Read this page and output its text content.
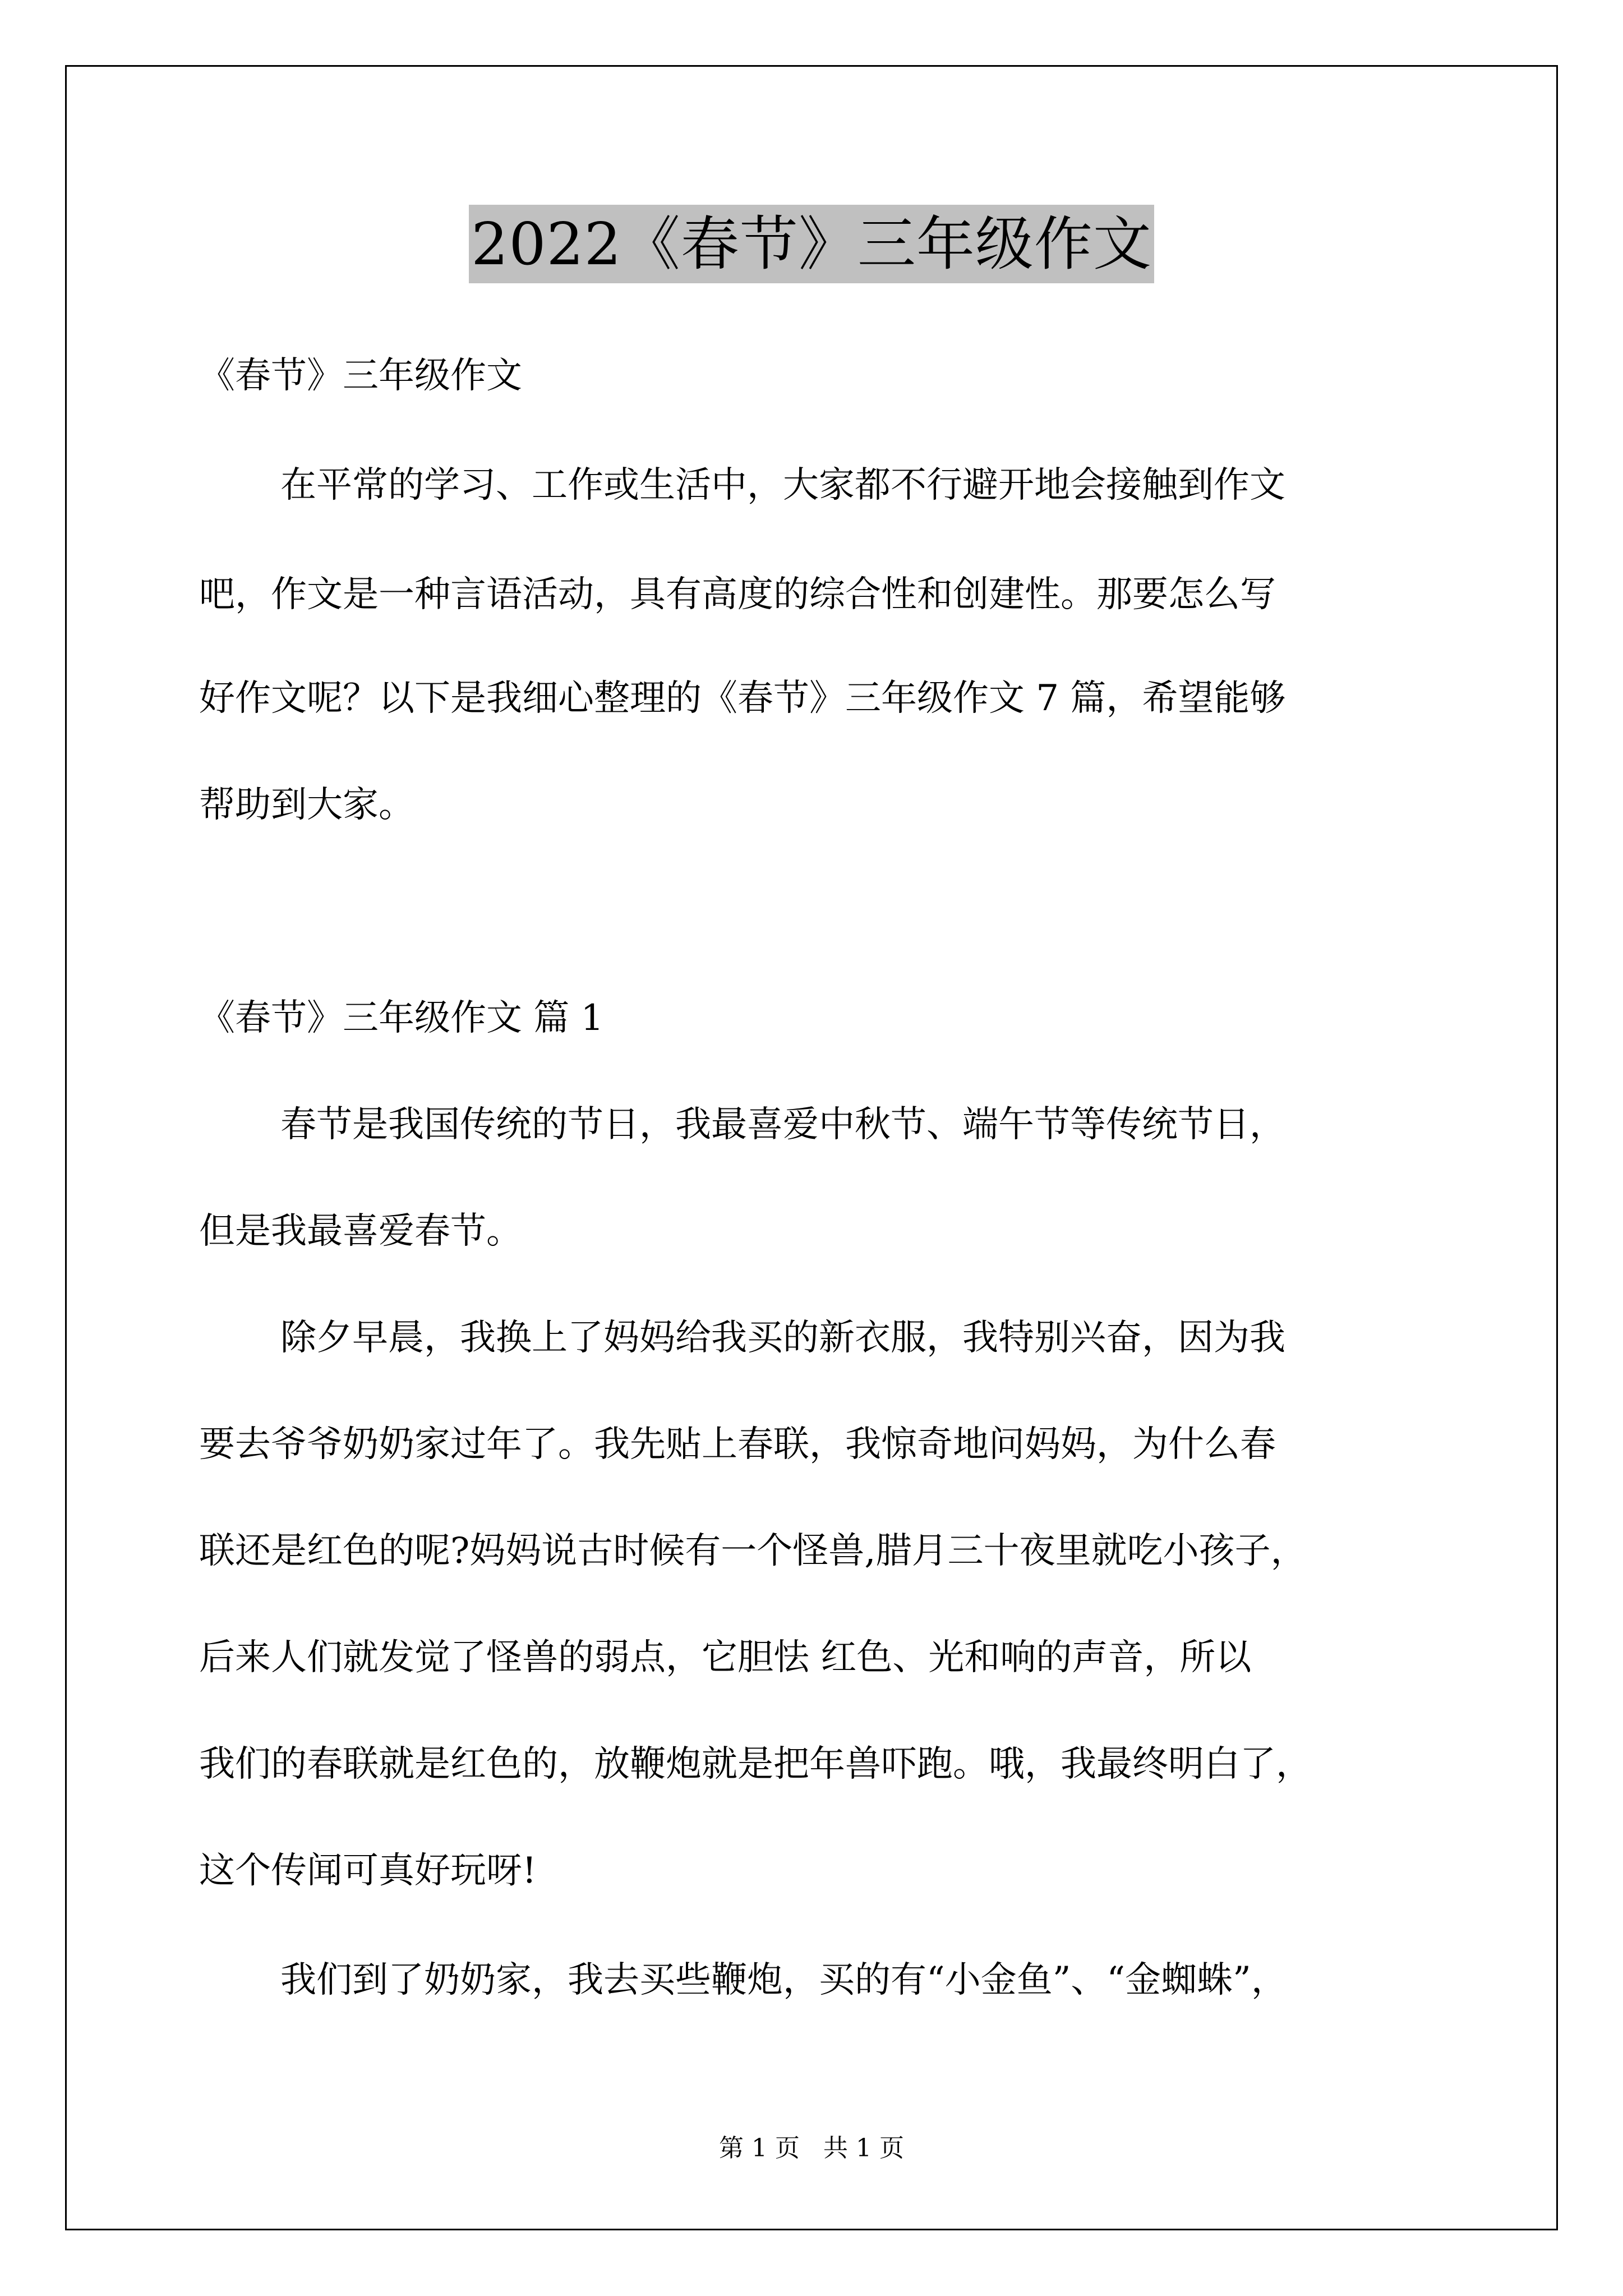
2022《春节》三年级作文
《春节》三年级作文
在平常的学习、工作或生活中，大家都不行避开地会接触到作文
吧，作文是一种言语活动，具有高度的综合性和创建性。那要怎么写
好作文呢？以下是我细心整理的《春节》三年级作文 7 篇，希望能够
帮助到大家。
《春节》三年级作文 篇 1
春节是我国传统的节日，我最喜爱中秋节、端午节等传统节日，
但是我最喜爱春节。
除夕早晨，我换上了妈妈给我买的新衣服，我特别兴奋，因为我
要去爷爷奶奶家过年了。我先贴上春联，我惊奇地问妈妈，为什么春
联还是红色的呢?妈妈说古时候有一个怪兽,腊月三十夜里就吃小孩子，
后来人们就发觉了怪兽的弱点，它胆怯 红色、光和响的声音，所以
我们的春联就是红色的，放鞭炮就是把年兽吓跑。哦，我最终明白了，
这个传闻可真好玩呀!
我们到了奶奶家，我去买些鞭炮，买的有“小金鱼”、“金蜘蛛”，
第 1 页   共 1 页
